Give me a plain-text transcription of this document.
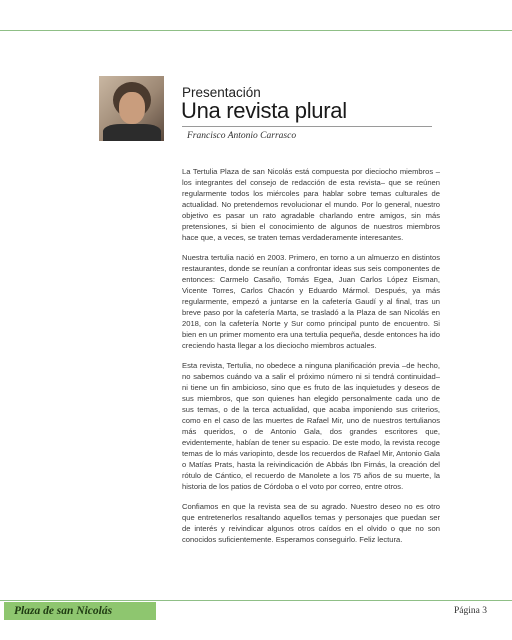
Presentación
Una revista plural
Francisco Antonio Carrasco

La Tertulia Plaza de san Nicolás está compuesta por dieciocho miembros –los integrantes del consejo de redacción de esta revista– que se reúnen regularmente todos los miércoles para hablar sobre temas culturales de actualidad. No pretendemos revolucionar el mundo. Por lo general, nuestro objetivo es pasar un rato agradable charlando entre amigos, sin más pretensiones, si bien el conocimiento de algunos de nuestros miembros hace que, a veces, se traten temas verdaderamente interesantes.

Nuestra tertulia nació en 2003. Primero, en torno a un almuerzo en distintos restaurantes, donde se reunían a confrontar ideas sus seis componentes de entonces: Carmelo Casaño, Tomás Egea, Juan Carlos López Eisman, Vicente Torres, Carlos Chacón y Eduardo Mármol. Después, ya más regularmente, empezó a juntarse en la cafetería Gaudí y al final, tras un breve paso por la cafetería Marta, se trasladó a la Plaza de san Nicolás en 2018, con la cafetería Norte y Sur como principal punto de encuentro. Si bien en un primer momento era una tertulia pequeña, desde entonces ha ido creciendo hasta llegar a los dieciocho miembros actuales.

Esta revista, Tertulia, no obedece a ninguna planificación previa –de hecho, no sabemos cuándo va a salir el próximo número ni si tendrá continuidad– ni tiene un fin ambicioso, sino que es fruto de las inquietudes y deseos de sus miembros, que son quienes han elegido personalmente cada uno de sus temas, o de la terca actualidad, que acaba imponiendo sus criterios, como en el caso de las muertes de Rafael Mir, uno de nuestros tertulianos más queridos, o de Antonio Gala, dos grandes escritores que, evidentemente, habían de tener su espacio. De este modo, la revista recoge temas de lo más variopinto, desde los recuerdos de Rafael Mir, Antonio Gala o Matías Prats, hasta la reivindicación de Abbás Ibn Firnás, la creación del rótulo de Cántico, el recuerdo de Manolete a los 75 años de su muerte, la historia de los patios de Córdoba o el voto por correo, entre otros.

Confiamos en que la revista sea de su agrado. Nuestro deseo no es otro que entretenerlos resaltando aquellos temas y personajes que puedan ser de interés y reivindicar algunos otros caídos en el olvido o que no son conocidos suficientemente. Esperamos conseguirlo. Feliz lectura.

Plaza de san Nicolás	Página 3
